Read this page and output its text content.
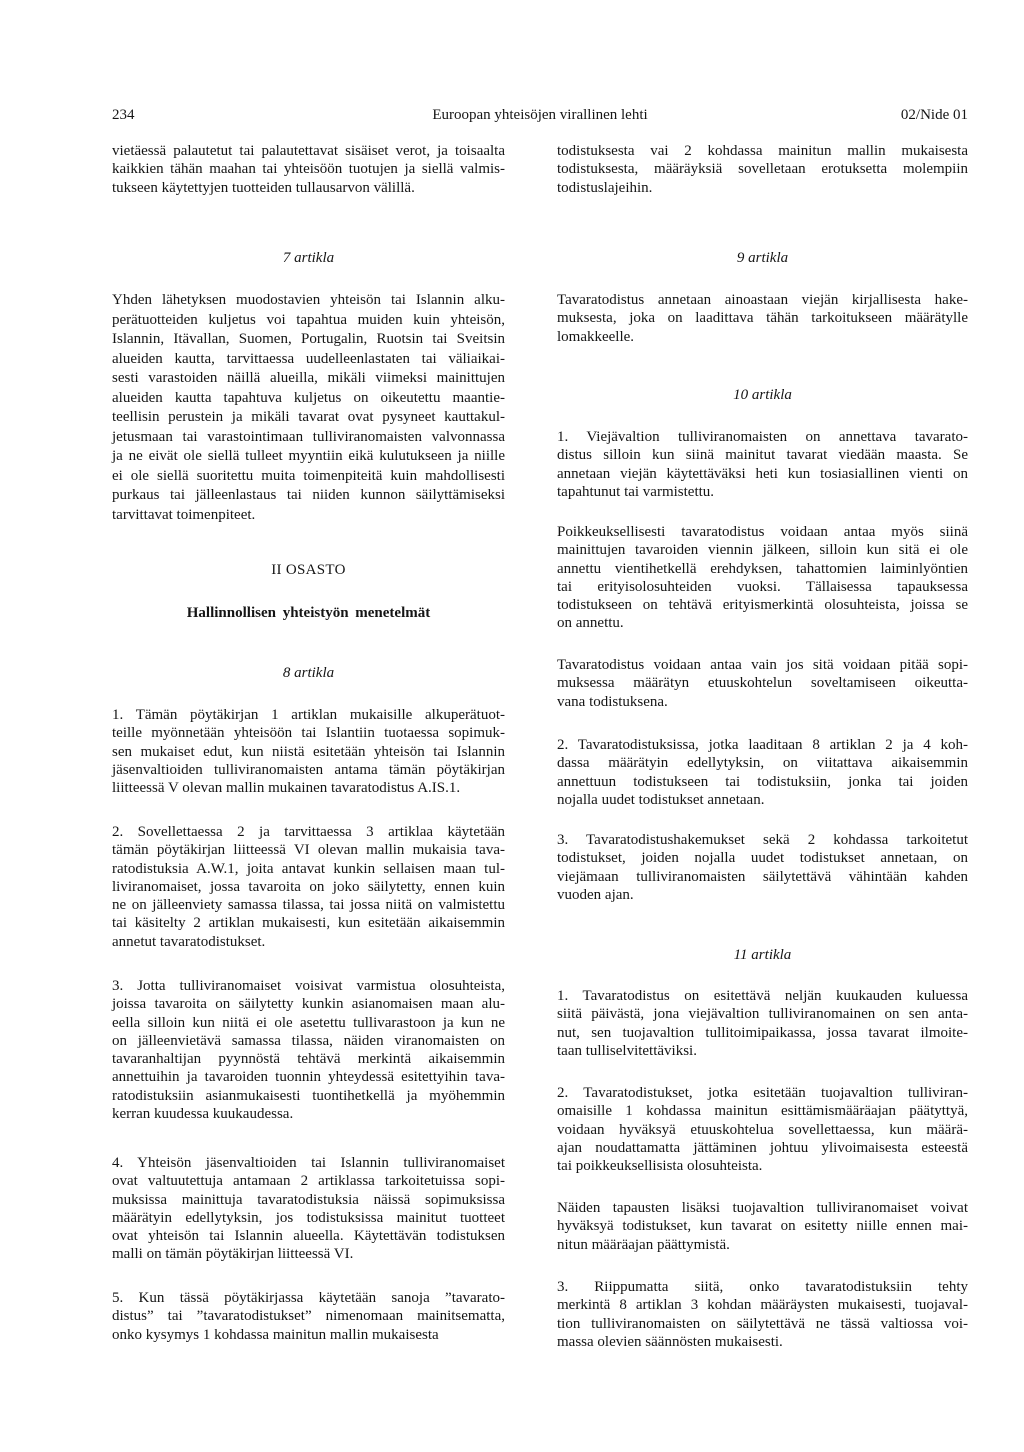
234	Euroopan yhteisöjen virallinen lehti	02/Nide 01
vietäessä palautetut tai palautettavat sisäiset verot, ja toisaalta
kaikkien tähän maahan tai yhteisöön tuotujen ja siellä valmis-
tukseen käytettyjen tuotteiden tullausarvon välillä.
7 artikla
Yhden lähetyksen muodostavien yhteisön tai Islannin alku-
perätuotteiden kuljetus voi tapahtua muiden kuin yhteisön,
Islannin, Itävallan, Suomen, Portugalin, Ruotsin tai Sveitsin
alueiden kautta, tarvittaessa uudelleenlastaten tai väliaikai-
sesti varastoiden näillä alueilla, mikäli viimeksi mainittujen
alueiden kautta tapahtuva kuljetus on oikeutettu maantie-
teellisin perustein ja mikäli tavarat ovat pysyneet kauttakul-
jetusmaan tai varastointimaan tulliviranomaisten valvonnassa
ja ne eivät ole siellä tulleet myyntiin eikä kulutukseen ja niille
ei ole siellä suoritettu muita toimenpiteitä kuin mahdollisesti
purkaus tai jälleenlastaus tai niiden kunnon säilyttämiseksi
tarvittavat toimenpiteet.
II OSASTO
Hallinnollisen yhteistyön menetelmät
8 artikla
1. Tämän pöytäkirjan 1 artiklan mukaisille alkuperätuot-
teille myönnetään yhteisöön tai Islantiin tuotaessa sopimuk-
sen mukaiset edut, kun niistä esitetään yhteisön tai Islannin
jäsenvaltioiden tulliviranomaisten antama tämän pöytäkirjan
liitteessä V olevan mallin mukainen tavaratodistus A.IS.1.
2. Sovellettaessa 2 ja tarvittaessa 3 artiklaa käytetään
tämän pöytäkirjan liitteessä VI olevan mallin mukaisia tava-
ratodistuksia A.W.1, joita antavat kunkin sellaisen maan tul-
liviranomaiset, jossa tavaroita on joko säilytetty, ennen kuin
ne on jälleenviety samassa tilassa, tai jossa niitä on valmistettu
tai käsitelty 2 artiklan mukaisesti, kun esitetään aikaisemmin
annetut tavaratodistukset.
3. Jotta tulliviranomaiset voisivat varmistua olosuhteista,
joissa tavaroita on säilytetty kunkin asianomaisen maan alu-
eella silloin kun niitä ei ole asetettu tullivarastoon ja kun ne
on jälleenvietävä samassa tilassa, näiden viranomaisten on
tavaranhaltijan pyynnöstä tehtävä merkintä aikaisemmin
annettuihin ja tavaroiden tuonnin yhteydessä esitettyihin tava-
ratodistuksiin asianmukaisesti tuontihetkellä ja myöhemmin
kerran kuudessa kuukaudessa.
4. Yhteisön jäsenvaltioiden tai Islannin tulliviranomaiset
ovat valtuutettuja antamaan 2 artiklassa tarkoitetuissa sopi-
muksissa mainittuja tavaratodistuksia näissä sopimuksissa
määrätyin edellytyksin, jos todistuksissa mainitut tuotteet
ovat yhteisön tai Islannin alueella. Käytettävän todistuksen
malli on tämän pöytäkirjan liitteessä VI.
5. Kun tässä pöytäkirjassa käytetään sanoja ”tavarato-
distus” tai ”tavaratodistukset” nimenomaan mainitsematta,
onko kysymys 1 kohdassa mainitun mallin mukaisesta
todistuksesta vai 2 kohdassa mainitun mallin mukaisesta
todistuksesta, määräyksiä sovelletaan erotuksetta molempiin
todistuslajeihin.
9 artikla
Tavaratodistus annetaan ainoastaan viejän kirjallisesta hake-
muksesta, joka on laadittava tähän tarkoitukseen määrätylle
lomakkeelle.
10 artikla
1. Viejävaltion tulliviranomaisten on annettava tavarato-
distus silloin kun siinä mainitut tavarat viedään maasta. Se
annetaan viejän käytettäväksi heti kun tosiasiallinen vienti on
tapahtunut tai varmistettu.
Poikkeuksellisesti tavaratodistus voidaan antaa myös siinä
mainittujen tavaroiden viennin jälkeen, silloin kun sitä ei ole
annettu vientihetkellä erehdyksen, tahattomien laiminlyöntien
tai erityisolosuhteiden vuoksi. Tällaisessa tapauksessa
todistukseen on tehtävä erityismerkintä olosuhteista, joissa se
on annettu.
Tavaratodistus voidaan antaa vain jos sitä voidaan pitää sopi-
muksessa määrätyn etuuskohtelun soveltamiseen oikeutta-
vana todistuksena.
2. Tavaratodistuksissa, jotka laaditaan 8 artiklan 2 ja 4 koh-
dassa määrätyin edellytyksin, on viitattava aikaisemmin
annettuun todistukseen tai todistuksiin, jonka tai joiden
nojalla uudet todistukset annetaan.
3. Tavaratodistushakemukset sekä 2 kohdassa tarkoitetut
todistukset, joiden nojalla uudet todistukset annetaan, on
viejämaan tulliviranomaisten säilytettävä vähintään kahden
vuoden ajan.
11 artikla
1. Tavaratodistus on esitettävä neljän kuukauden kuluessa
siitä päivästä, jona viejävaltion tulliviranomainen on sen anta-
nut, sen tuojavaltion tullitoimipaikassa, jossa tavarat ilmoite-
taan tulliselvitettäviksi.
2. Tavaratodistukset, jotka esitetään tuojavaltion tulliviran-
omaisille 1 kohdassa mainitun esittämismääräajan päätyttyä,
voidaan hyväksyä etuuskohtelua sovellettaessa, kun määrä-
ajan noudattamatta jättäminen johtuu ylivoimaisesta esteestä
tai poikkeuksellisista olosuhteista.
Näiden tapausten lisäksi tuojavaltion tulliviranomaiset voivat
hyväksyä todistukset, kun tavarat on esitetty niille ennen mai-
nitun määräajan päättymistä.
3. Riippumatta siitä, onko tavaratodistuksiin tehty
merkintä 8 artiklan 3 kohdan määräysten mukaisesti, tuojaval-
tion tulliviranomaisten on säilytettävä ne tässä valtiossa voi-
massa olevien säännösten mukaisesti.
